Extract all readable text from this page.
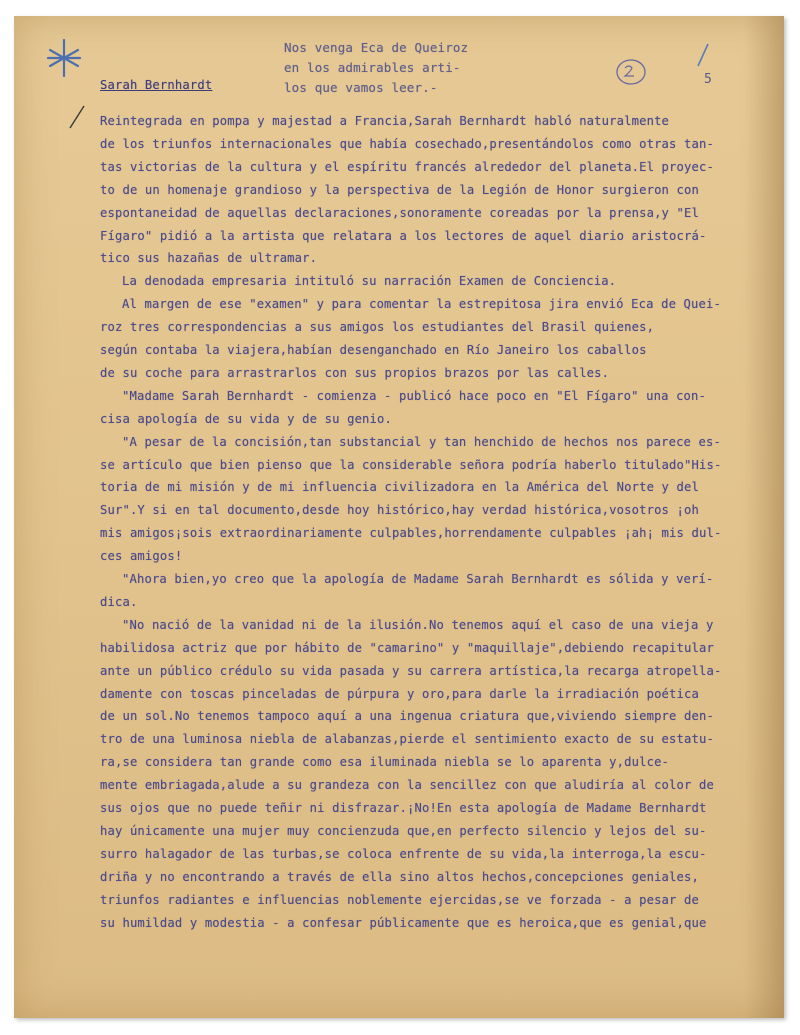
Nos venga Eca de Queiroz
en los admirables arti-
los que vamos leer.-
Sarah Bernhardt	5
Reintegrada en pompa y majestad a Francia,Sarah Bernhardt habló naturalmente
de los triunfos internacionales que había cosechado,presentándolos como otras tan-
tas victorias de la cultura y el espíritu francés alrededor del planeta.El proyec-
to de un homenaje grandioso y la perspectiva de la Legión de Honor surgieron con
espontaneidad de aquellas declaraciones,sonoramente coreadas por la prensa,y "El
Fígaro" pidió a la artista que relatara a los lectores de aquel diario aristocrá-
tico sus hazañas de ultramar.
La denodada empresaria intituló su narración Examen de Conciencia.
Al margen de ese "examen" y para comentar la estrepitosa jira envió Eca de Quei-
roz tres correspondencias a sus amigos los estudiantes del Brasil quienes,
según contaba la viajera,habían desenganchado en Río Janeiro los caballos
de su coche para arrastrarlos con sus propios brazos por las calles.
"Madame Sarah Bernhardt - comienza - publicó hace poco en "El Fígaro" una con-
cisa apología de su vida y de su genio.
"A pesar de la concisión,tan substancial y tan henchido de hechos nos parece es-
se artículo que bien pienso que la considerable señora podría haberlo titulado"His-
toria de mi misión y de mi influencia civilizadora en la América del Norte y del
Sur".Y si en tal documento,desde hoy histórico,hay verdad histórica,vosotros ¡oh
mis amigos¡sois extraordinariamente culpables,horrendamente culpables ¡ah¡ mis dul-
ces amigos!
"Ahora bien,yo creo que la apología de Madame Sarah Bernhardt es sólida y verí-
dica.
"No nació de la vanidad ni de la ilusión.No tenemos aquí el caso de una vieja y
habilidosa actriz que por hábito de "camarino" y "maquillaje",debiendo recapitular
ante un público crédulo su vida pasada y su carrera artística,la recarga atropella-
damente con toscas pinceladas de púrpura y oro,para darle la irradiación poética
de un sol.No tenemos tampoco aquí a una ingenua criatura que,viviendo siempre den-
tro de una luminosa niebla de alabanzas,pierde el sentimiento exacto de su estatu-
ra,se considera tan grande como esa iluminada niebla se lo aparenta y,dulce-
mente embriagada,alude a su grandeza con la sencillez con que aludiría al color de
sus ojos que no puede teñir ni disfrazar.¡No!En esta apología de Madame Bernhardt
hay únicamente una mujer muy concienzuda que,en perfecto silencio y lejos del su-
surro halagador de las turbas,se coloca enfrente de su vida,la interroga,la escu-
driña y no encontrando a través de ella sino altos hechos,concepciones geniales,
triunfos radiantes e influencias noblemente ejercidas,se ve forzada - a pesar de
su humildad y modestia - a confesar públicamente que es heroica,que es genial,que
